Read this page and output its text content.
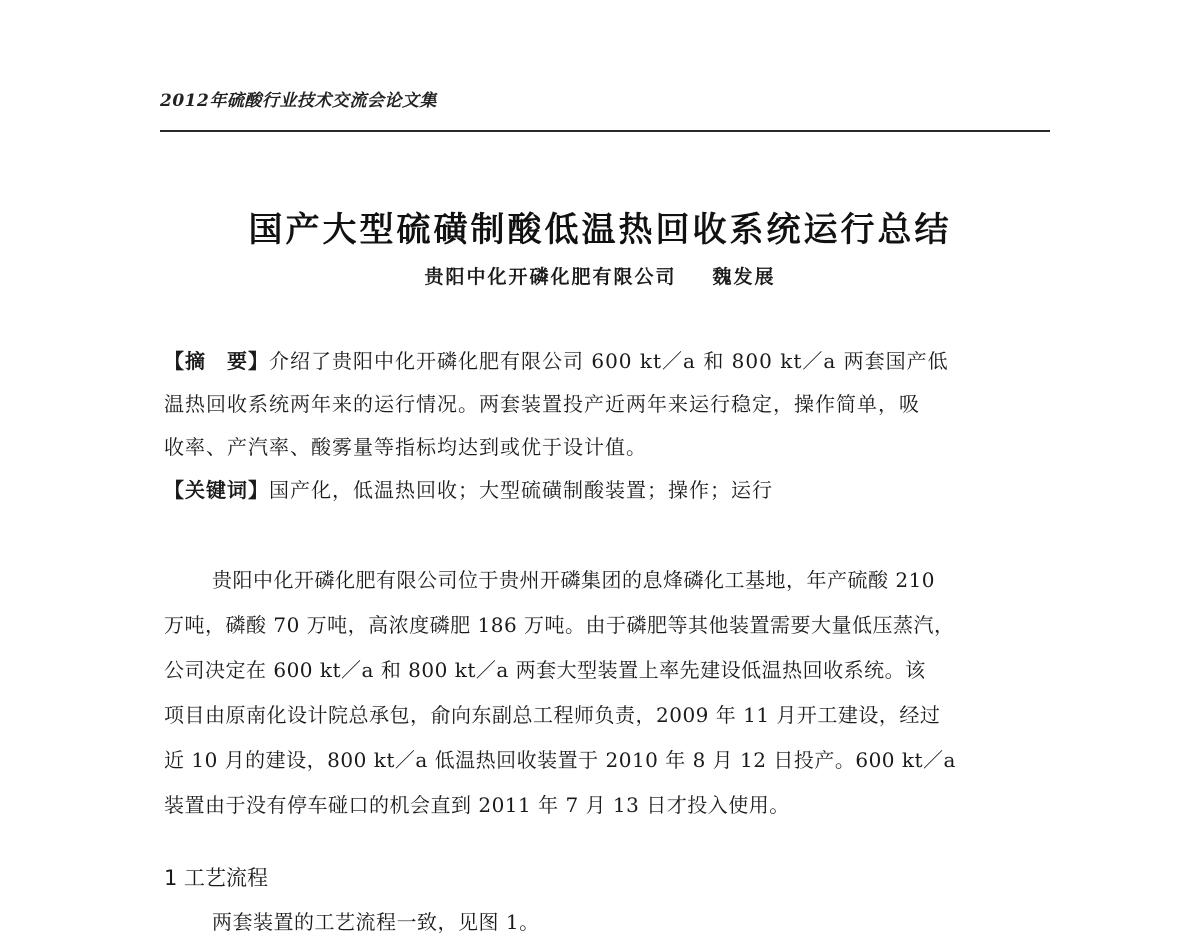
2012年硫酸行业技术交流会论文集
国产大型硫磺制酸低温热回收系统运行总结
贵阳中化开磷化肥有限公司 魏发展
【摘　要】介绍了贵阳中化开磷化肥有限公司 600 kt／a 和 800 kt／a 两套国产低
温热回收系统两年来的运行情况。两套装置投产近两年来运行稳定，操作简单，吸
收率、产汽率、酸雾量等指标均达到或优于设计值。
【关键词】国产化，低温热回收；大型硫磺制酸装置；操作；运行
贵阳中化开磷化肥有限公司位于贵州开磷集团的息烽磷化工基地，年产硫酸 210
万吨，磷酸 70 万吨，高浓度磷肥 186 万吨。由于磷肥等其他装置需要大量低压蒸汽，
公司决定在 600 kt／a 和 800 kt／a 两套大型装置上率先建设低温热回收系统。该
项目由原南化设计院总承包，俞向东副总工程师负责，2009 年 11 月开工建设，经过
近 10 月的建设，800 kt／a 低温热回收装置于 2010 年 8 月 12 日投产。600 kt／a
装置由于没有停车碰口的机会直到 2011 年 7 月 13 日才投入使用。
1 工艺流程
两套装置的工艺流程一致，见图 1。
